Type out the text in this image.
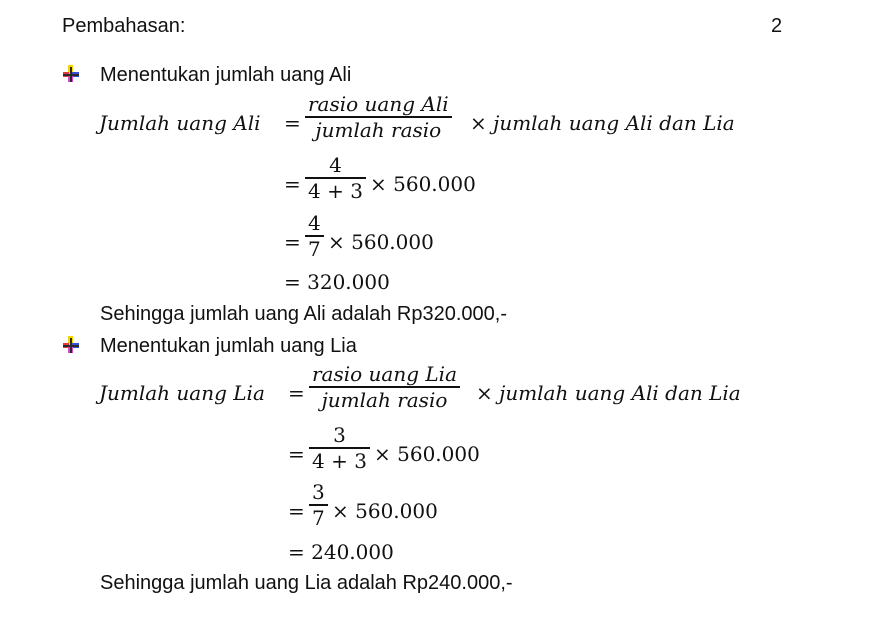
Pembahasan:	2
Menentukan jumlah uang Ali
Jumlah uang Ali =
rasio uang Ali
jumlah rasio × jumlah uang Ali dan Lia
=
4
4 + 3 × 560.000
=
4
7 × 560.000
= 320.000
Sehingga jumlah uang Ali adalah Rp320.000,-
Menentukan jumlah uang Lia
Jumlah uang Lia =
rasio uang Lia
jumlah rasio × jumlah uang Ali dan Lia
=
3
4 + 3 × 560.000
=
3
7 × 560.000
= 240.000
Sehingga jumlah uang Lia adalah Rp240.000,-
